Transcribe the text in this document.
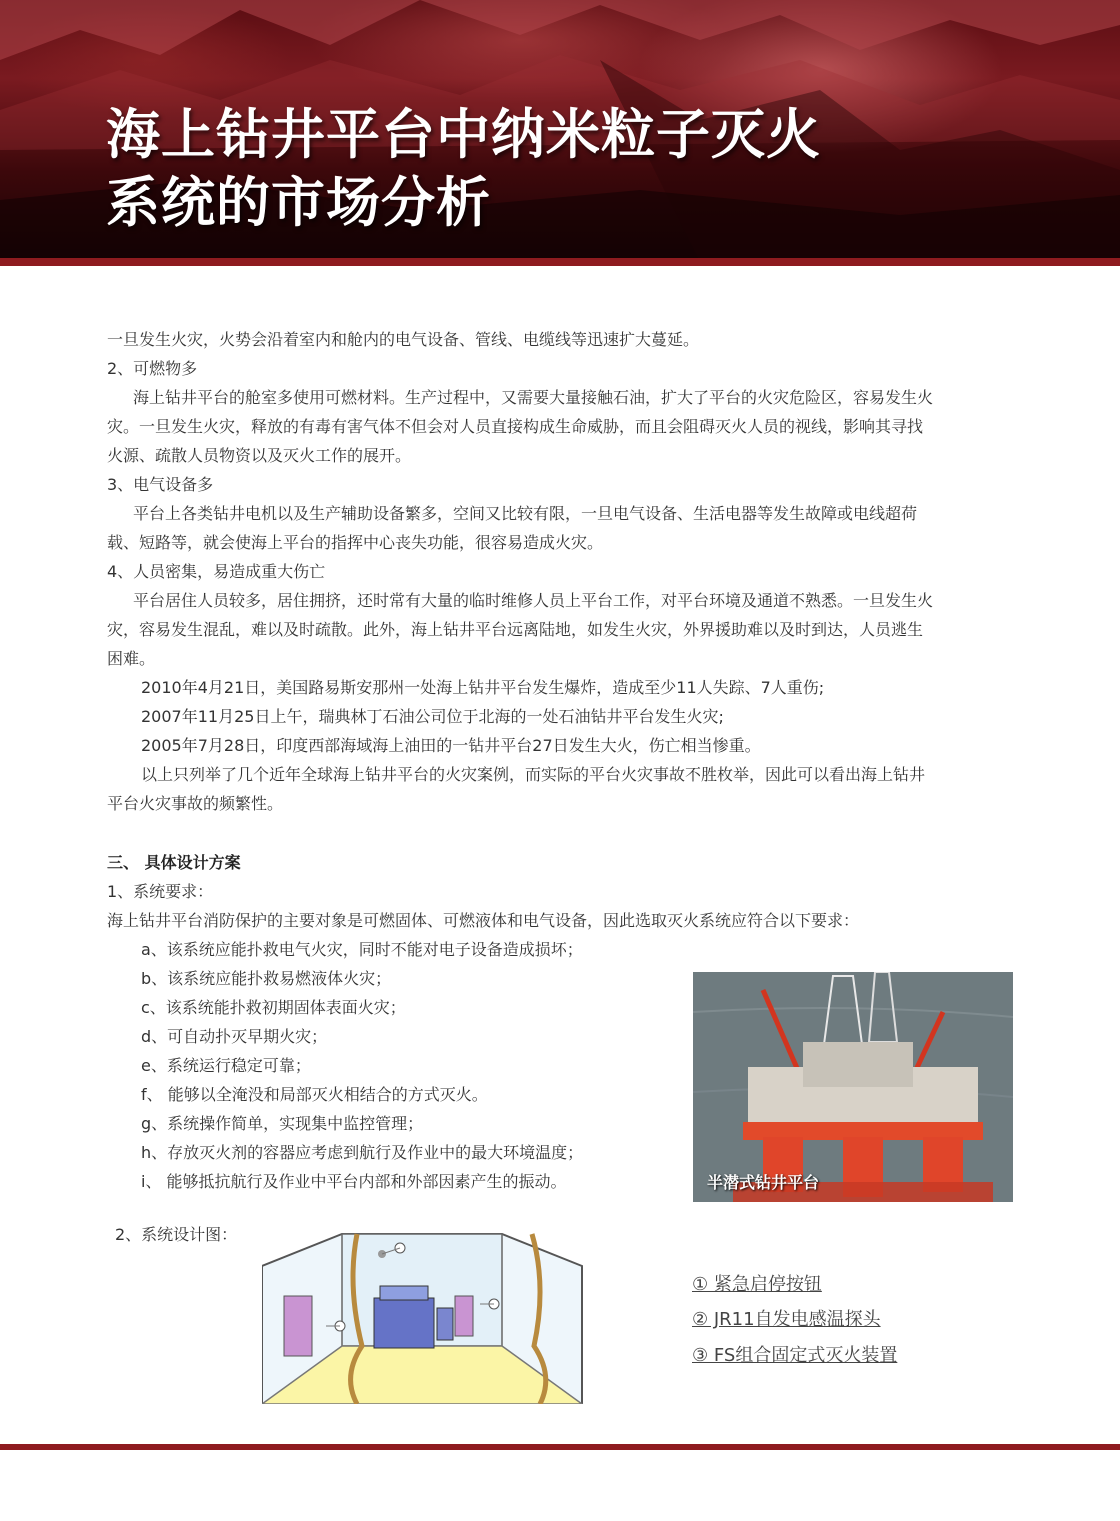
海上钻井平台中纳米粒子灭火
系统的市场分析
一旦发生火灾，火势会沿着室内和舱内的电气设备、管线、电缆线等迅速扩大蔓延。
2、可燃物多
海上钻井平台的舱室多使用可燃材料。生产过程中，又需要大量接触石油，扩大了平台的火灾危险区，容易发生火
灾。一旦发生火灾，释放的有毒有害气体不但会对人员直接构成生命威胁，而且会阻碍灭火人员的视线，影响其寻找
火源、疏散人员物资以及灭火工作的展开。
3、电气设备多
平台上各类钻井电机以及生产辅助设备繁多，空间又比较有限，一旦电气设备、生活电器等发生故障或电线超荷
载、短路等，就会使海上平台的指挥中心丧失功能，很容易造成火灾。
4、人员密集，易造成重大伤亡
平台居住人员较多，居住拥挤，还时常有大量的临时维修人员上平台工作，对平台环境及通道不熟悉。一旦发生火
灾，容易发生混乱，难以及时疏散。此外，海上钻井平台远离陆地，如发生火灾，外界援助难以及时到达，人员逃生
困难。
2010年4月21日，美国路易斯安那州一处海上钻井平台发生爆炸，造成至少11人失踪、7人重伤;
2007年11月25日上午，瑞典林丁石油公司位于北海的一处石油钻井平台发生火灾;
2005年7月28日，印度西部海域海上油田的一钻井平台27日发生大火，伤亡相当惨重。
以上只列举了几个近年全球海上钻井平台的火灾案例，而实际的平台火灾事故不胜枚举，因此可以看出海上钻井
平台火灾事故的频繁性。
三、 具体设计方案
1、系统要求：
海上钻井平台消防保护的主要对象是可燃固体、可燃液体和电气设备，因此选取灭火系统应符合以下要求：
a、该系统应能扑救电气火灾，同时不能对电子设备造成损坏；
b、该系统应能扑救易燃液体火灾；
c、该系统能扑救初期固体表面火灾；
d、可自动扑灭早期火灾；
e、系统运行稳定可靠；
f、 能够以全淹没和局部灭火相结合的方式灭火。
g、系统操作简单，实现集中监控管理；
h、存放灭火剂的容器应考虑到航行及作业中的最大环境温度；
i、 能够抵抗航行及作业中平台内部和外部因素产生的振动。	半潜式钻井平台
2、系统设计图：
① 紧急启停按钮
② JR11自发电感温探头
③ FS组合固定式灭火装置
